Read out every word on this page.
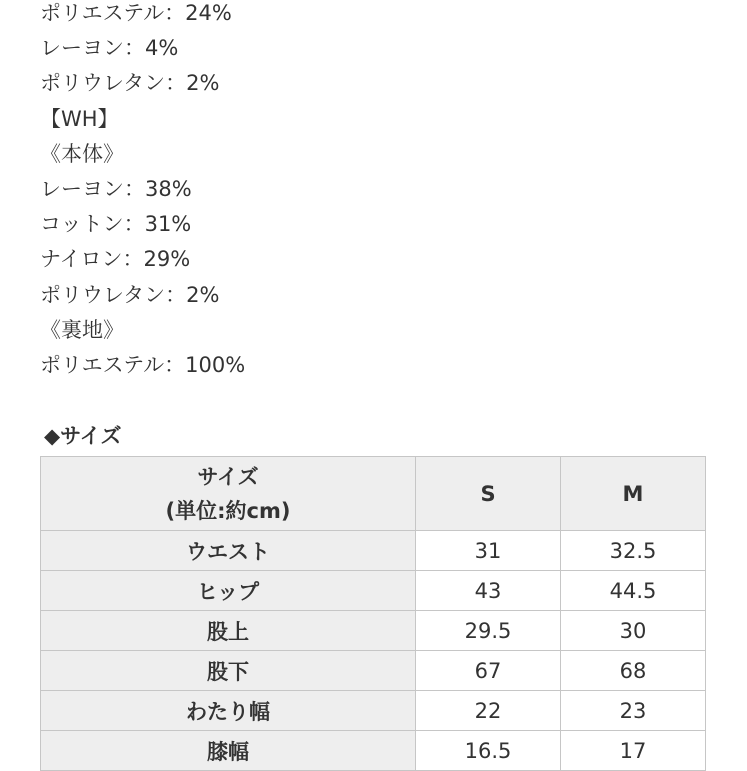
ポリエステル：24%
レーヨン：4%
ポリウレタン：2%
【WH】
《本体》
レーヨン：38%
コットン：31%
ナイロン：29%
ポリウレタン：2%
《裏地》
ポリエステル：100%
◆サイズ
サイズ
(単位:約cm)	S	M
ウエスト	31	32.5
ヒップ	43	44.5
股上	29.5	30
股下	67	68
わたり幅	22	23
膝幅	16.5	17
